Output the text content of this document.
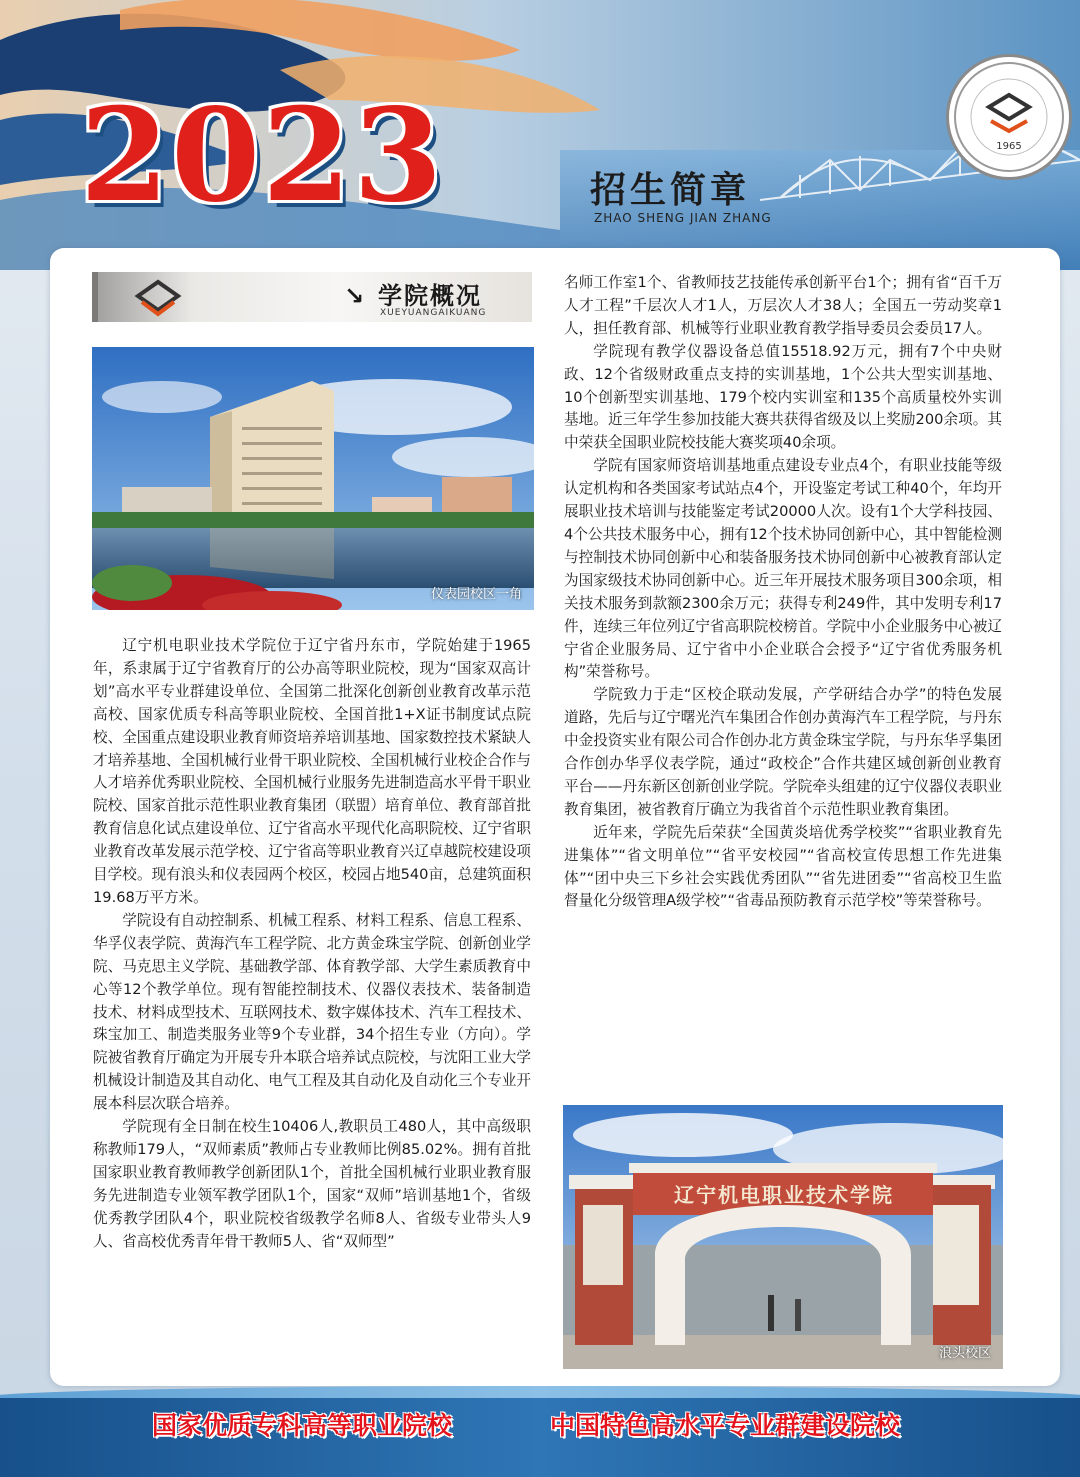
2023	招生简章
ZHAO SHENG JIAN ZHANG
1965
↘ 学院概况
XUEYUANGAIKUANG
仪表园校区一角

辽宁机电职业技术学院位于辽宁省丹东市，学院始建于1965年，系隶属于辽宁省教育厅的公办高等职业院校，现为“国家双高计划”高水平专业群建设单位、全国第二批深化创新创业教育改革示范高校、国家优质专科高等职业院校、全国首批1+X证书制度试点院校、全国重点建设职业教育师资培养培训基地、国家数控技术紧缺人才培养基地、全国机械行业骨干职业院校、全国机械行业校企合作与人才培养优秀职业院校、全国机械行业服务先进制造高水平骨干职业院校、国家首批示范性职业教育集团（联盟）培育单位、教育部首批教育信息化试点建设单位、辽宁省高水平现代化高职院校、辽宁省职业教育改革发展示范学校、辽宁省高等职业教育兴辽卓越院校建设项目学校。现有浪头和仪表园两个校区，校园占地540亩，总建筑面积19.68万平方米。

学院设有自动控制系、机械工程系、材料工程系、信息工程系、华孚仪表学院、黄海汽车工程学院、北方黄金珠宝学院、创新创业学院、马克思主义学院、基础教学部、体育教学部、大学生素质教育中心等12个教学单位。现有智能控制技术、仪器仪表技术、装备制造技术、材料成型技术、互联网技术、数字媒体技术、汽车工程技术、珠宝加工、制造类服务业等9个专业群，34个招生专业（方向）。学院被省教育厅确定为开展专升本联合培养试点院校，与沈阳工业大学机械设计制造及其自动化、电气工程及其自动化及自动化三个专业开展本科层次联合培养。

学院现有全日制在校生10406人,教职员工480人，其中高级职称教师179人，“双师素质”教师占专业教师比例85.02%。拥有首批国家职业教育教师教学创新团队1个，首批全国机械行业职业教育服务先进制造专业领军教学团队1个，国家“双师”培训基地1个，省级优秀教学团队4个，职业院校省级教学名师8人、省级专业带头人9人、省高校优秀青年骨干教师5人、省“双师型”

名师工作室1个、省教师技艺技能传承创新平台1个；拥有省“百千万人才工程”千层次人才1人，万层次人才38人；全国五一劳动奖章1人，担任教育部、机械等行业职业教育教学指导委员会委员17人。

学院现有教学仪器设备总值15518.92万元，拥有7个中央财政、12个省级财政重点支持的实训基地，1个公共大型实训基地、10个创新型实训基地、179个校内实训室和135个高质量校外实训基地。近三年学生参加技能大赛共获得省级及以上奖励200余项。其中荣获全国职业院校技能大赛奖项40余项。

学院有国家师资培训基地重点建设专业点4个，有职业技能等级认定机构和各类国家考试站点4个，开设鉴定考试工种40个，年均开展职业技术培训与技能鉴定考试20000人次。设有1个大学科技园、4个公共技术服务中心，拥有12个技术协同创新中心，其中智能检测与控制技术协同创新中心和装备服务技术协同创新中心被教育部认定为国家级技术协同创新中心。近三年开展技术服务项目300余项，相关技术服务到款额2300余万元；获得专利249件，其中发明专利17件，连续三年位列辽宁省高职院校榜首。学院中小企业服务中心被辽宁省企业服务局、辽宁省中小企业联合会授予“辽宁省优秀服务机构”荣誉称号。

学院致力于走“区校企联动发展，产学研结合办学”的特色发展道路，先后与辽宁曙光汽车集团合作创办黄海汽车工程学院，与丹东中金投资实业有限公司合作创办北方黄金珠宝学院，与丹东华孚集团合作创办华孚仪表学院，通过“政校企”合作共建区域创新创业教育平台——丹东新区创新创业学院。学院牵头组建的辽宁仪器仪表职业教育集团，被省教育厅确立为我省首个示范性职业教育集团。

近年来，学院先后荣获“全国黄炎培优秀学校奖”“省职业教育先进集体”“省文明单位”“省平安校园”“省高校宣传思想工作先进集体”“团中央三下乡社会实践优秀团队”“省先进团委”“省高校卫生监督量化分级管理A级学校”“省毒品预防教育示范学校”等荣誉称号。

辽宁机电职业技术学院
浪头校区
国家优质专科高等职业院校	中国特色高水平专业群建设院校
